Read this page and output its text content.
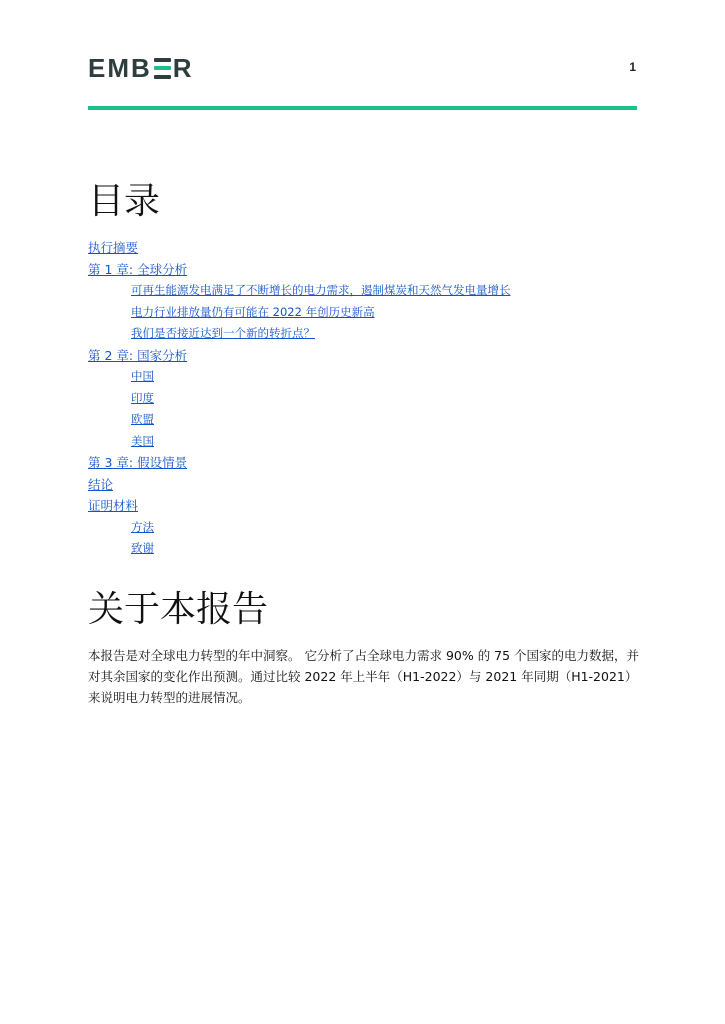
EMB R	1
目录
执行摘要
第 1 章: 全球分析
可再生能源发电满足了不断增长的电力需求，遏制煤炭和天然气发电量增长
电力行业排放量仍有可能在 2022 年创历史新高
我们是否接近达到一个新的转折点？
第 2 章: 国家分析
中国
印度
欧盟
美国
第 3 章: 假设情景
结论
证明材料
方法
致谢
关于本报告

本报告是对全球电力转型的年中洞察。 它分析了占全球电力需求 90% 的 75 个国家的电力数据，并对其余国家的变化作出预测。通过比较 2022 年上半年（H1-2022）与 2021 年同期（H1-2021）来说明电力转型的进展情况。
